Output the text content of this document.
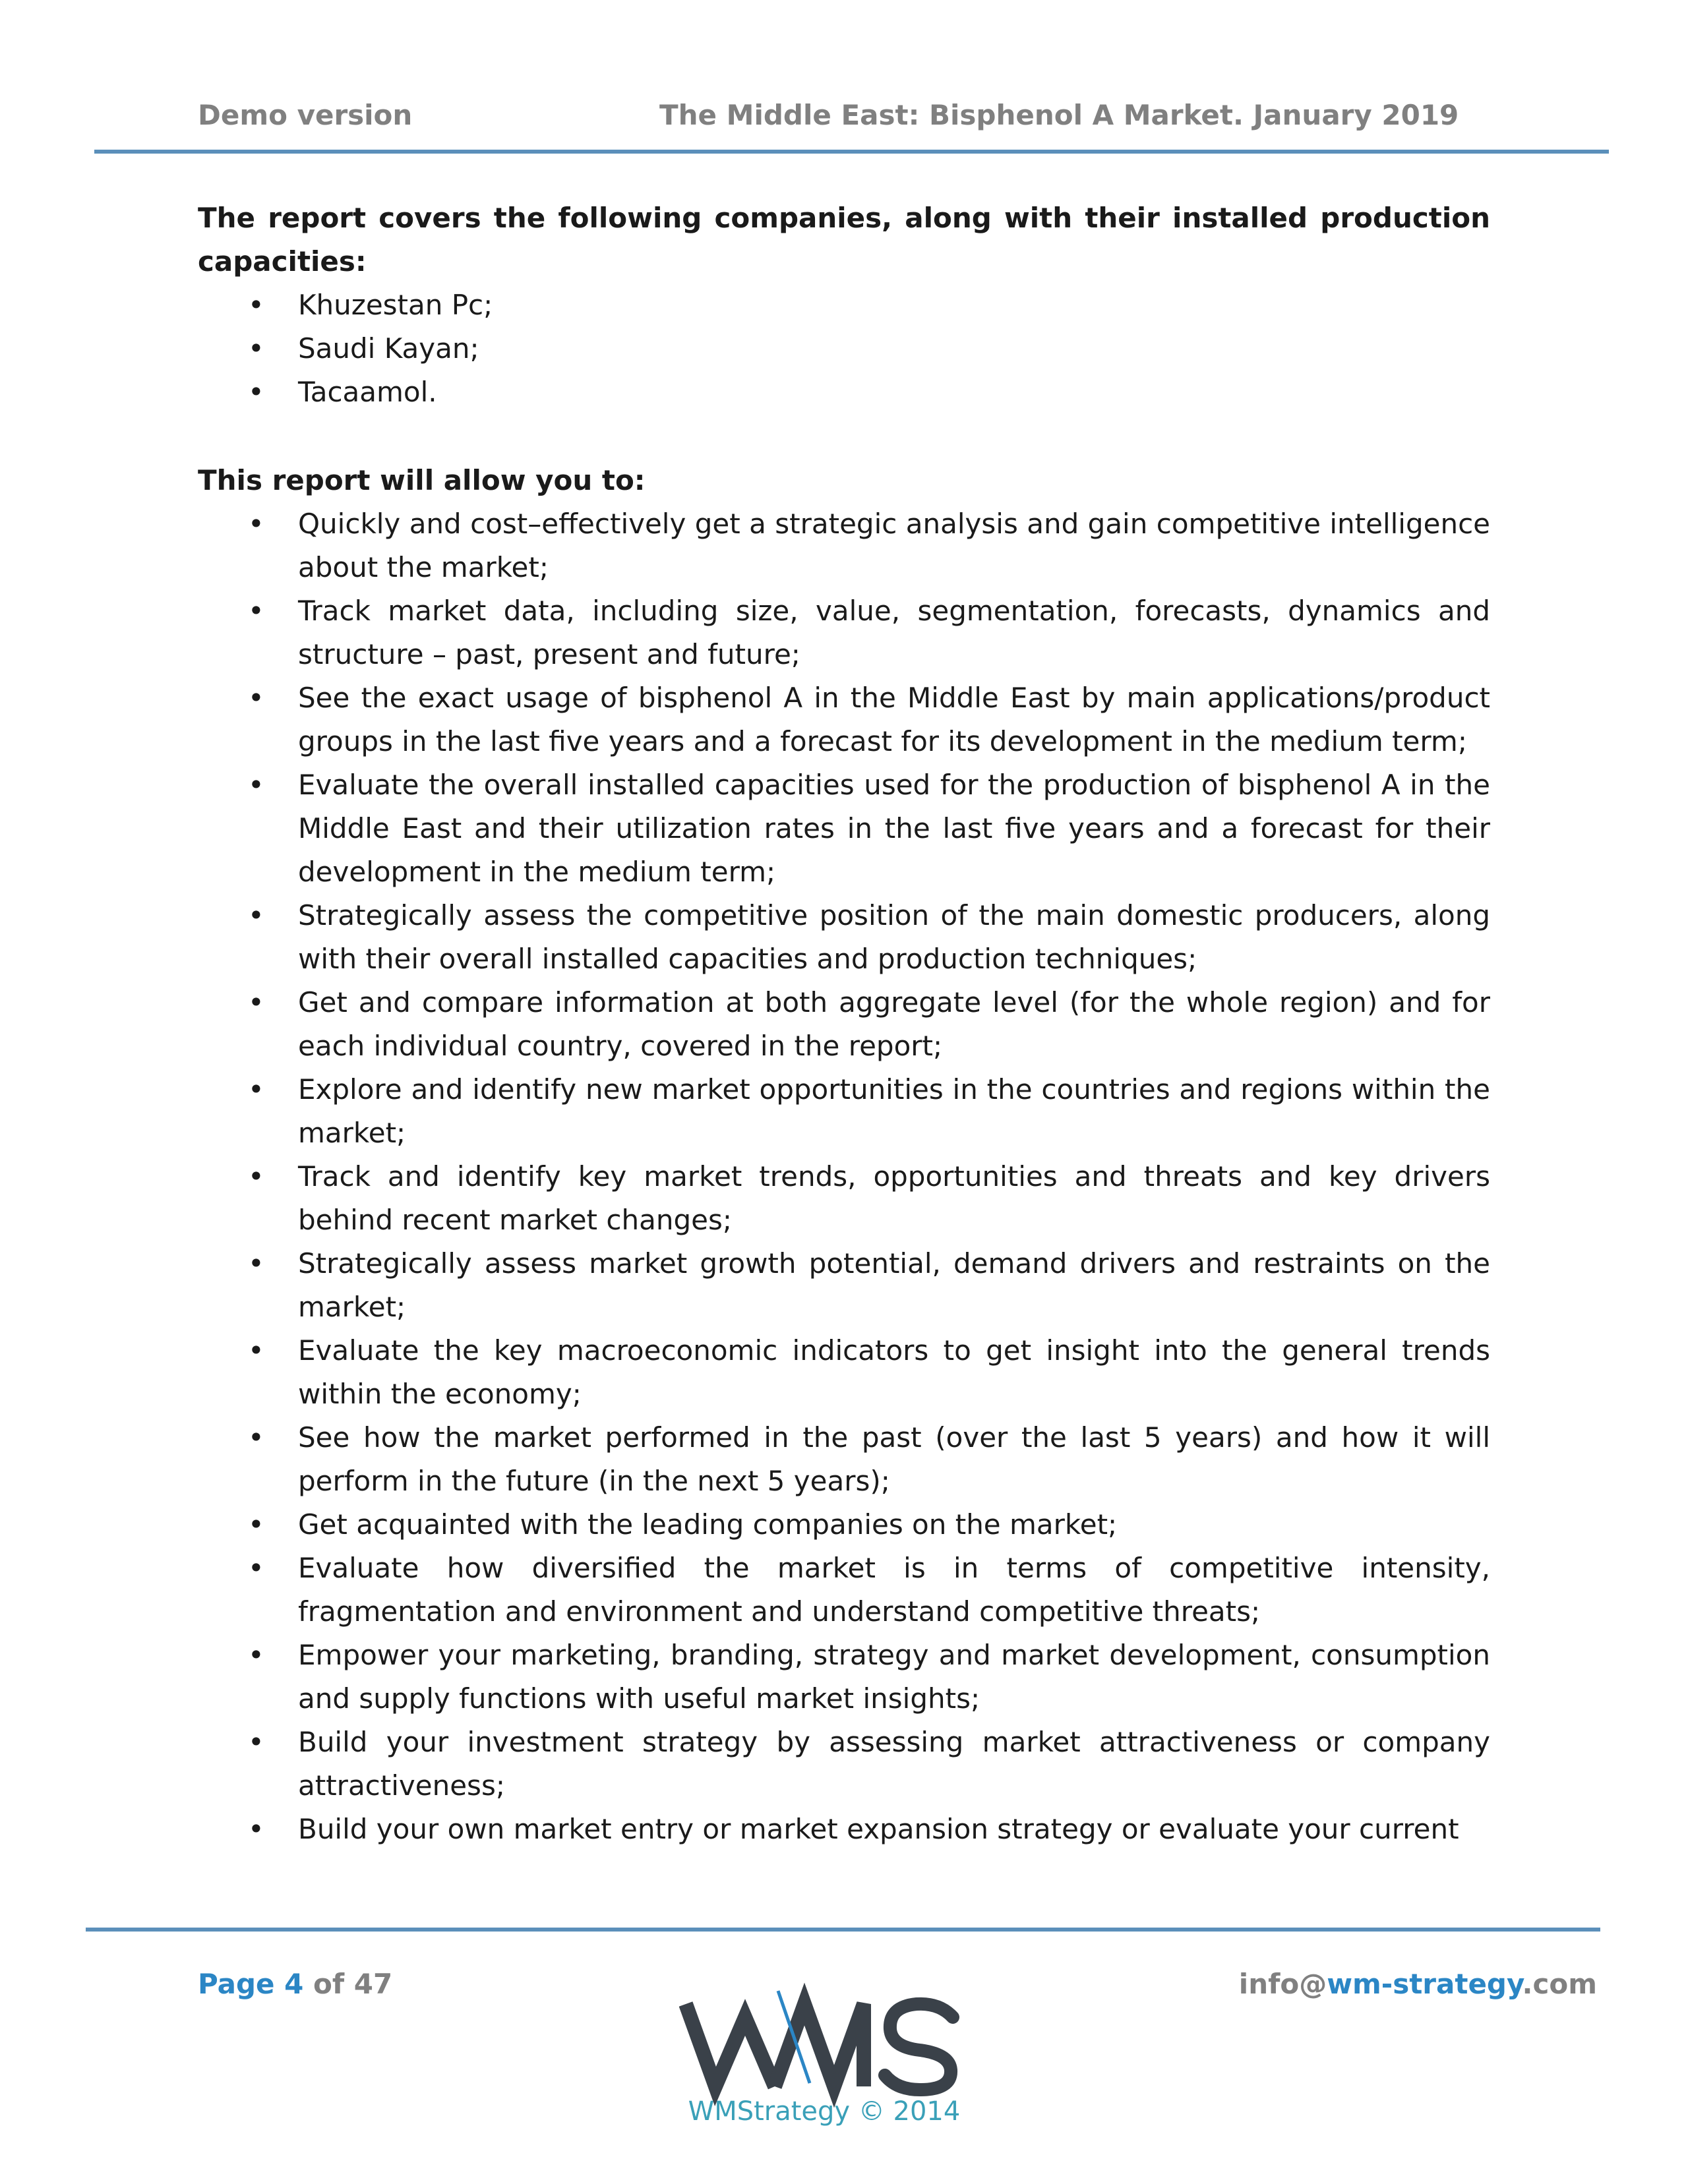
Demo version	The Middle East: Bisphenol A Market. January 2019

The report covers the following companies, along with their installed production capacities:

• Khuzestan Pc;
• Saudi Kayan;
• Tacaamol.
This report will allow you to:
• Quickly and cost–effectively get a strategic analysis and gain competitive intelligence about the market;
• Track market data, including size, value, segmentation, forecasts, dynamics and structure – past, present and future;
• See the exact usage of bisphenol A in the Middle East by main applications/product groups in the last five years and a forecast for its development in the medium term;
• Evaluate the overall installed capacities used for the production of bisphenol A in the Middle East and their utilization rates in the last five years and a forecast for their development in the medium term;
• Strategically assess the competitive position of the main domestic producers, along with their overall installed capacities and production techniques;
• Get and compare information at both aggregate level (for the whole region) and for each individual country, covered in the report;
• Explore and identify new market opportunities in the countries and regions within the market;
• Track and identify key market trends, opportunities and threats and key drivers behind recent market changes;
• Strategically assess market growth potential, demand drivers and restraints on the market;
• Evaluate the key macroeconomic indicators to get insight into the general trends within the economy;
• See how the market performed in the past (over the last 5 years) and how it will perform in the future (in the next 5 years);
• Get acquainted with the leading companies on the market;
• Evaluate how diversified the market is in terms of competitive intensity, fragmentation and environment and understand competitive threats;
• Empower your marketing, branding, strategy and market development, consumption and supply functions with useful market insights;
• Build your investment strategy by assessing market attractiveness or company attractiveness;
• Build your own market entry or market expansion strategy or evaluate your current
Page 4 of 47	info@wm-strategy.com
WMStrategy © 2014
